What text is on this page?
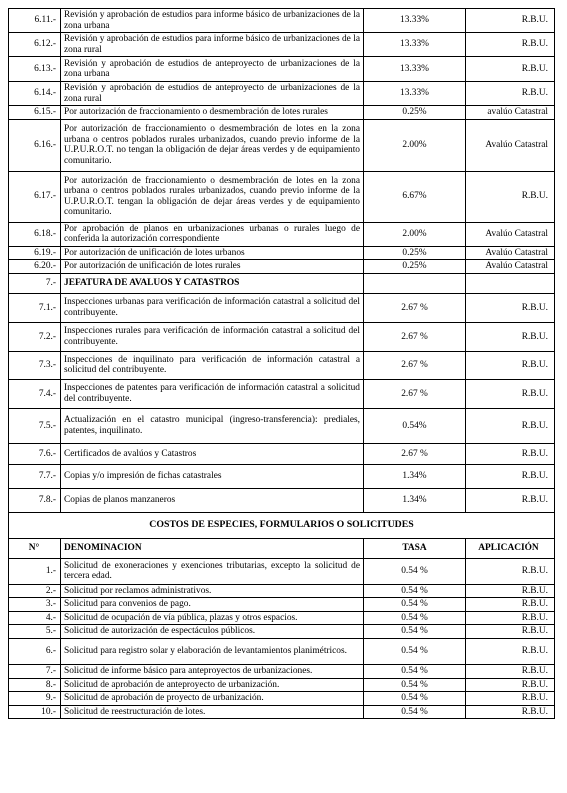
6.11.-	Revisión y aprobación de estudios para informe básico de urbanizaciones de la zona urbana	13.33%	R.B.U.
6.12.-	Revisión y aprobación de estudios para informe básico de urbanizaciones de la zona rural	13.33%	R.B.U.
6.13.-	Revisión y aprobación de estudios de anteproyecto de urbanizaciones de la zona urbana	13.33%	R.B.U.
6.14.-	Revisión y aprobación de estudios de anteproyecto de urbanizaciones de la zona rural	13.33%	R.B.U.
6.15.-	Por autorización de fraccionamiento o desmembración de lotes rurales	0.25%	avalúo Catastral
6.16.-	Por autorización de fraccionamiento o desmembración de lotes en la zona urbana o centros poblados rurales urbanizados, cuando previo informe de la U.P.U.R.O.T. no tengan la obligación de dejar áreas verdes y de equipamiento comunitario.	2.00%	Avalúo Catastral
6.17.-	Por autorización de fraccionamiento o desmembración de lotes en la zona urbana o centros poblados rurales urbanizados, cuando previo informe de la U.P.U.R.O.T. tengan la obligación de dejar áreas verdes y de equipamiento comunitario.	6.67%	R.B.U.
6.18.-	Por aprobación de planos en urbanizaciones urbanas o rurales luego de conferida la autorización correspondiente	2.00%	Avalúo Catastral
6.19.-	Por autorización de unificación de lotes urbanos	0.25%	Avalúo Catastral
6.20.-	Por autorización de unificación de lotes rurales	0.25%	Avalúo Catastral
7.-	JEFATURA DE AVALUOS Y CATASTROS		
7.1.-	Inspecciones urbanas para verificación de información catastral a solicitud del contribuyente.	2.67 %	R.B.U.
7.2.-	Inspecciones rurales para verificación de información catastral a solicitud del contribuyente.	2.67 %	R.B.U.
7.3.-	Inspecciones de inquilinato para verificación de información catastral a solicitud del contribuyente.	2.67 %	R.B.U.
7.4.-	Inspecciones de patentes para verificación de información catastral a solicitud del contribuyente.	2.67 %	R.B.U.
7.5.-	Actualización en el catastro municipal (ingreso-transferencia): prediales, patentes, inquilinato.	0.54%	R.B.U.
7.6.-	Certificados de avalúos y Catastros	2.67 %	R.B.U.
7.7.-	Copias y/o impresión de fichas catastrales	1.34%	R.B.U.
7.8.-	Copias de planos manzaneros	1.34%	R.B.U.
COSTOS DE ESPECIES, FORMULARIOS O SOLICITUDES			
N°	DENOMINACION	TASA	APLICACIÓN
1.-	Solicitud de exoneraciones y exenciones tributarias, excepto la solicitud de tercera edad.	0.54 %	R.B.U.
2.-	Solicitud por reclamos administrativos.	0.54 %	R.B.U.
3.-	Solicitud para convenios de pago.	0.54 %	R.B.U.
4.-	Solicitud de ocupación de vía pública, plazas y otros espacios.	0.54 %	R.B.U.
5.-	Solicitud de autorización de espectáculos públicos.	0.54 %	R.B.U.
6.-	Solicitud para registro solar y elaboración de levantamientos planimétricos.	0.54 %	R.B.U.
7.-	Solicitud de informe básico para anteproyectos de urbanizaciones.	0.54 %	R.B.U.
8.-	Solicitud de aprobación de anteproyecto de urbanización.	0.54 %	R.B.U.
9.-	Solicitud de aprobación de proyecto de urbanización.	0.54 %	R.B.U.
10.-	Solicitud de reestructuración de lotes.	0.54 %	R.B.U.
